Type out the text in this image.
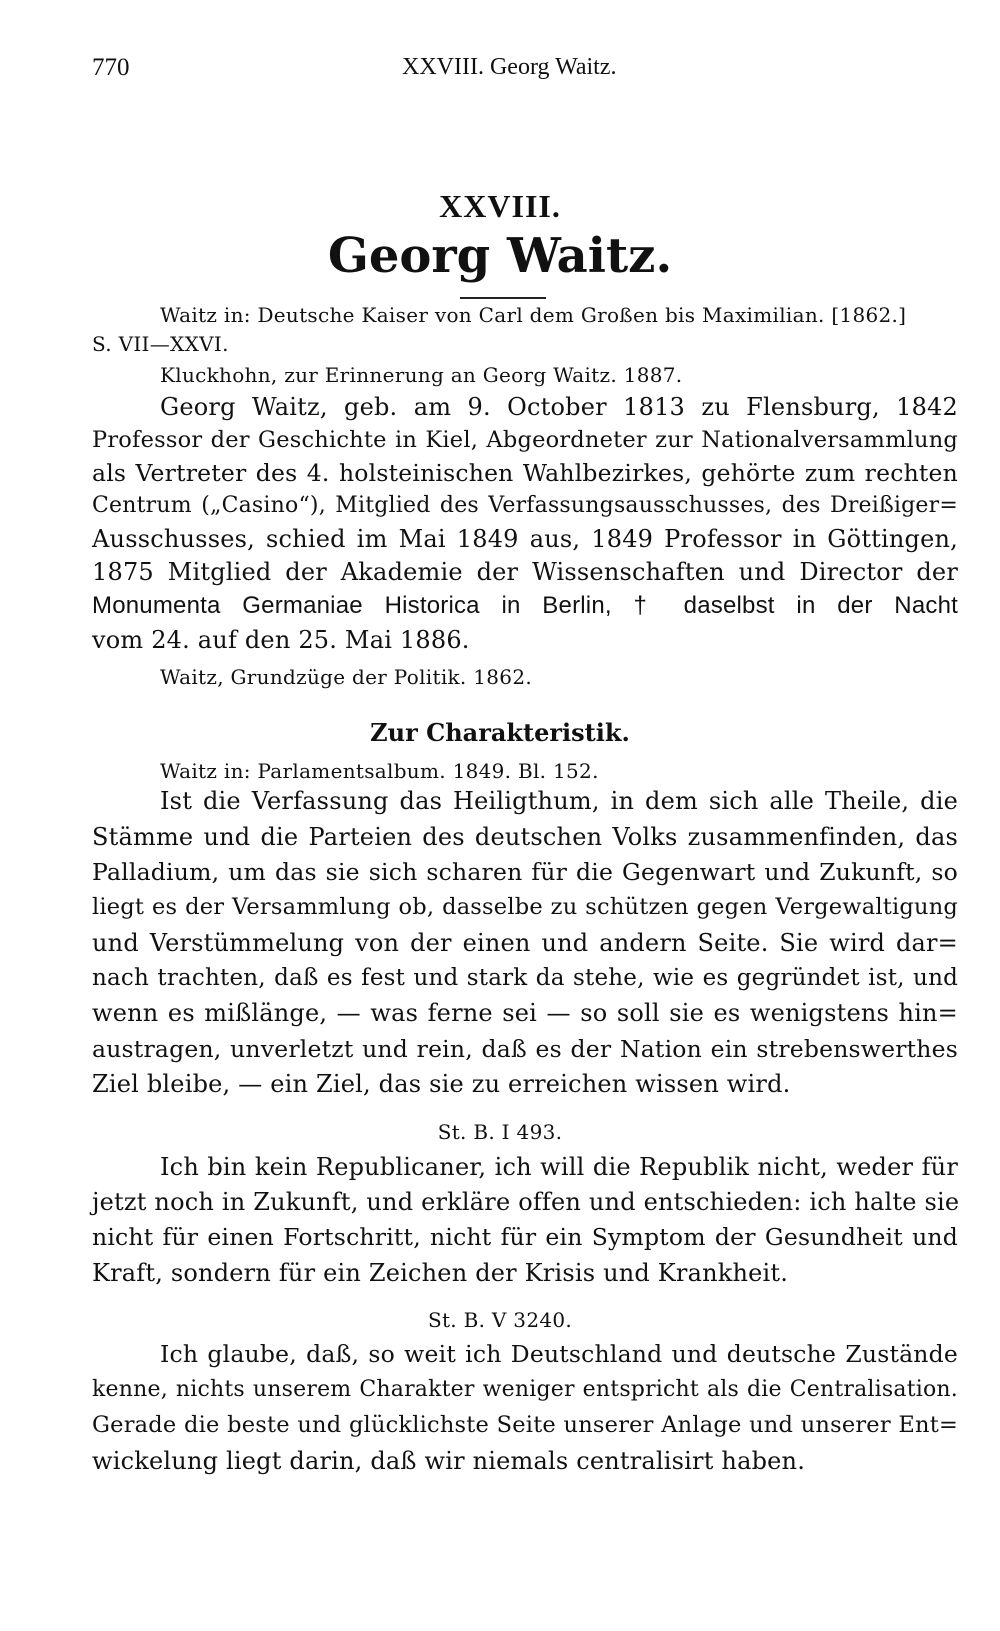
770	XXVIII. Georg Waitz.
XXVIII.
Georg Waitz.
Waitz in: Deutsche Kaiser von Carl dem Großen bis Maximilian. [1862.]
S. VII—XXVI.
Kluckhohn, zur Erinnerung an Georg Waitz. 1887.
Georg Waitz, geb. am 9. October 1813 zu Flensburg, 1842
Professor der Geschichte in Kiel, Abgeordneter zur Nationalversammlung
als Vertreter des 4. holsteinischen Wahlbezirkes, gehörte zum rechten
Centrum („Casino“), Mitglied des Verfassungsausschusses, des Dreißiger=
Ausschusses, schied im Mai 1849 aus, 1849 Professor in Göttingen,
1875 Mitglied der Akademie der Wissenschaften und Director der
Monumenta Germaniae Historica in Berlin, † daselbst in der Nacht
vom 24. auf den 25. Mai 1886.
Waitz, Grundzüge der Politik. 1862.
Zur Charakteristik.
Waitz in: Parlamentsalbum. 1849. Bl. 152.
Ist die Verfassung das Heiligthum, in dem sich alle Theile, die
Stämme und die Parteien des deutschen Volks zusammenfinden, das
Palladium, um das sie sich scharen für die Gegenwart und Zukunft, so
liegt es der Versammlung ob, dasselbe zu schützen gegen Vergewaltigung
und Verstümmelung von der einen und andern Seite. Sie wird dar=
nach trachten, daß es fest und stark da stehe, wie es gegründet ist, und
wenn es mißlänge, — was ferne sei — so soll sie es wenigstens hin=
austragen, unverletzt und rein, daß es der Nation ein strebenswerthes
Ziel bleibe, — ein Ziel, das sie zu erreichen wissen wird.
St. B. I 493.
Ich bin kein Republicaner, ich will die Republik nicht, weder für
jetzt noch in Zukunft, und erkläre offen und entschieden: ich halte sie
nicht für einen Fortschritt, nicht für ein Symptom der Gesundheit und
Kraft, sondern für ein Zeichen der Krisis und Krankheit.
St. B. V 3240.
Ich glaube, daß, so weit ich Deutschland und deutsche Zustände
kenne, nichts unserem Charakter weniger entspricht als die Centralisation.
Gerade die beste und glücklichste Seite unserer Anlage und unserer Ent=
wickelung liegt darin, daß wir niemals centralisirt haben.
